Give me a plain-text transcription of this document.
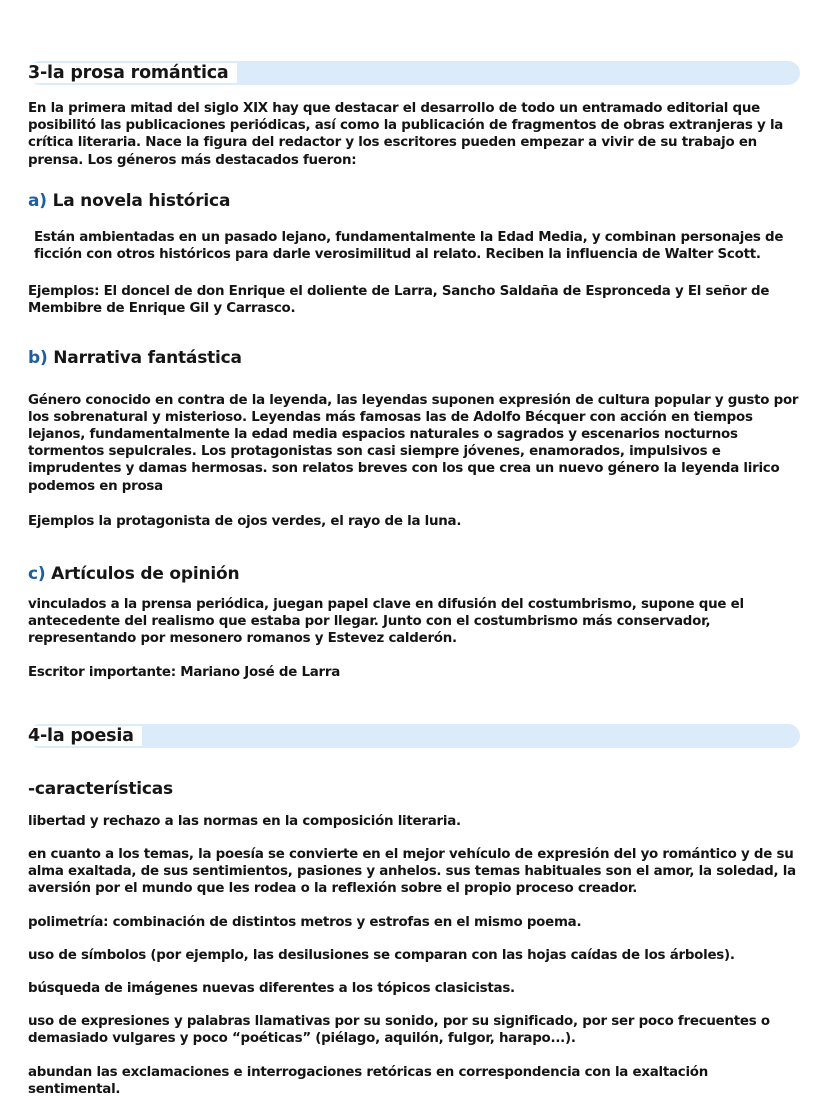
3-la prosa romántica

En la primera mitad del siglo XIX hay que destacar el desarrollo de todo un entramado editorial que posibilitó las publicaciones periódicas, así como la publicación de fragmentos de obras extranjeras y la crítica literaria. Nace la figura del redactor y los escritores pueden empezar a vivir de su trabajo en prensa. Los géneros más destacados fueron:

a) La novela histórica

Están ambientadas en un pasado lejano, fundamentalmente la Edad Media, y combinan personajes de ficción con otros históricos para darle verosimilitud al relato. Reciben la influencia de Walter Scott.

Ejemplos: El doncel de don Enrique el doliente de Larra, Sancho Saldaña de Espronceda y El señor de Membibre de Enrique Gil y Carrasco.

b) Narrativa fantástica

Género conocido en contra de la leyenda, las leyendas suponen expresión de cultura popular y gusto por los sobrenatural y misterioso. Leyendas más famosas las de Adolfo Bécquer con acción en tiempos lejanos, fundamentalmente la edad media espacios naturales o sagrados y escenarios nocturnos tormentos sepulcrales. Los protagonistas son casi siempre jóvenes, enamorados, impulsivos e imprudentes y damas hermosas. son relatos breves con los que crea un nuevo género la leyenda lirico podemos en prosa

Ejemplos la protagonista de ojos verdes, el rayo de la luna.

c) Artículos de opinión

vinculados a la prensa periódica, juegan papel clave en difusión del costumbrismo, supone que el antecedente del realismo que estaba por llegar. Junto con el costumbrismo más conservador, representando por mesonero romanos y Estevez calderón.

Escritor importante: Mariano José de Larra

4-la poesia
-características

libertad y rechazo a las normas en la composición literaria.

en cuanto a los temas, la poesía se convierte en el mejor vehículo de expresión del yo romántico y de su alma exaltada, de sus sentimientos, pasiones y anhelos. sus temas habituales son el amor, la soledad, la aversión por el mundo que les rodea o la reflexión sobre el propio proceso creador.

polimetría: combinación de distintos metros y estrofas en el mismo poema.

uso de símbolos (por ejemplo, las desilusiones se comparan con las hojas caídas de los árboles).

búsqueda de imágenes nuevas diferentes a los tópicos clasicistas.

uso de expresiones y palabras llamativas por su sonido, por su significado, por ser poco frecuentes o demasiado vulgares y poco “poéticas” (piélago, aquilón, fulgor, harapo...).

abundan las exclamaciones e interrogaciones retóricas en correspondencia con la exaltación sentimental.
